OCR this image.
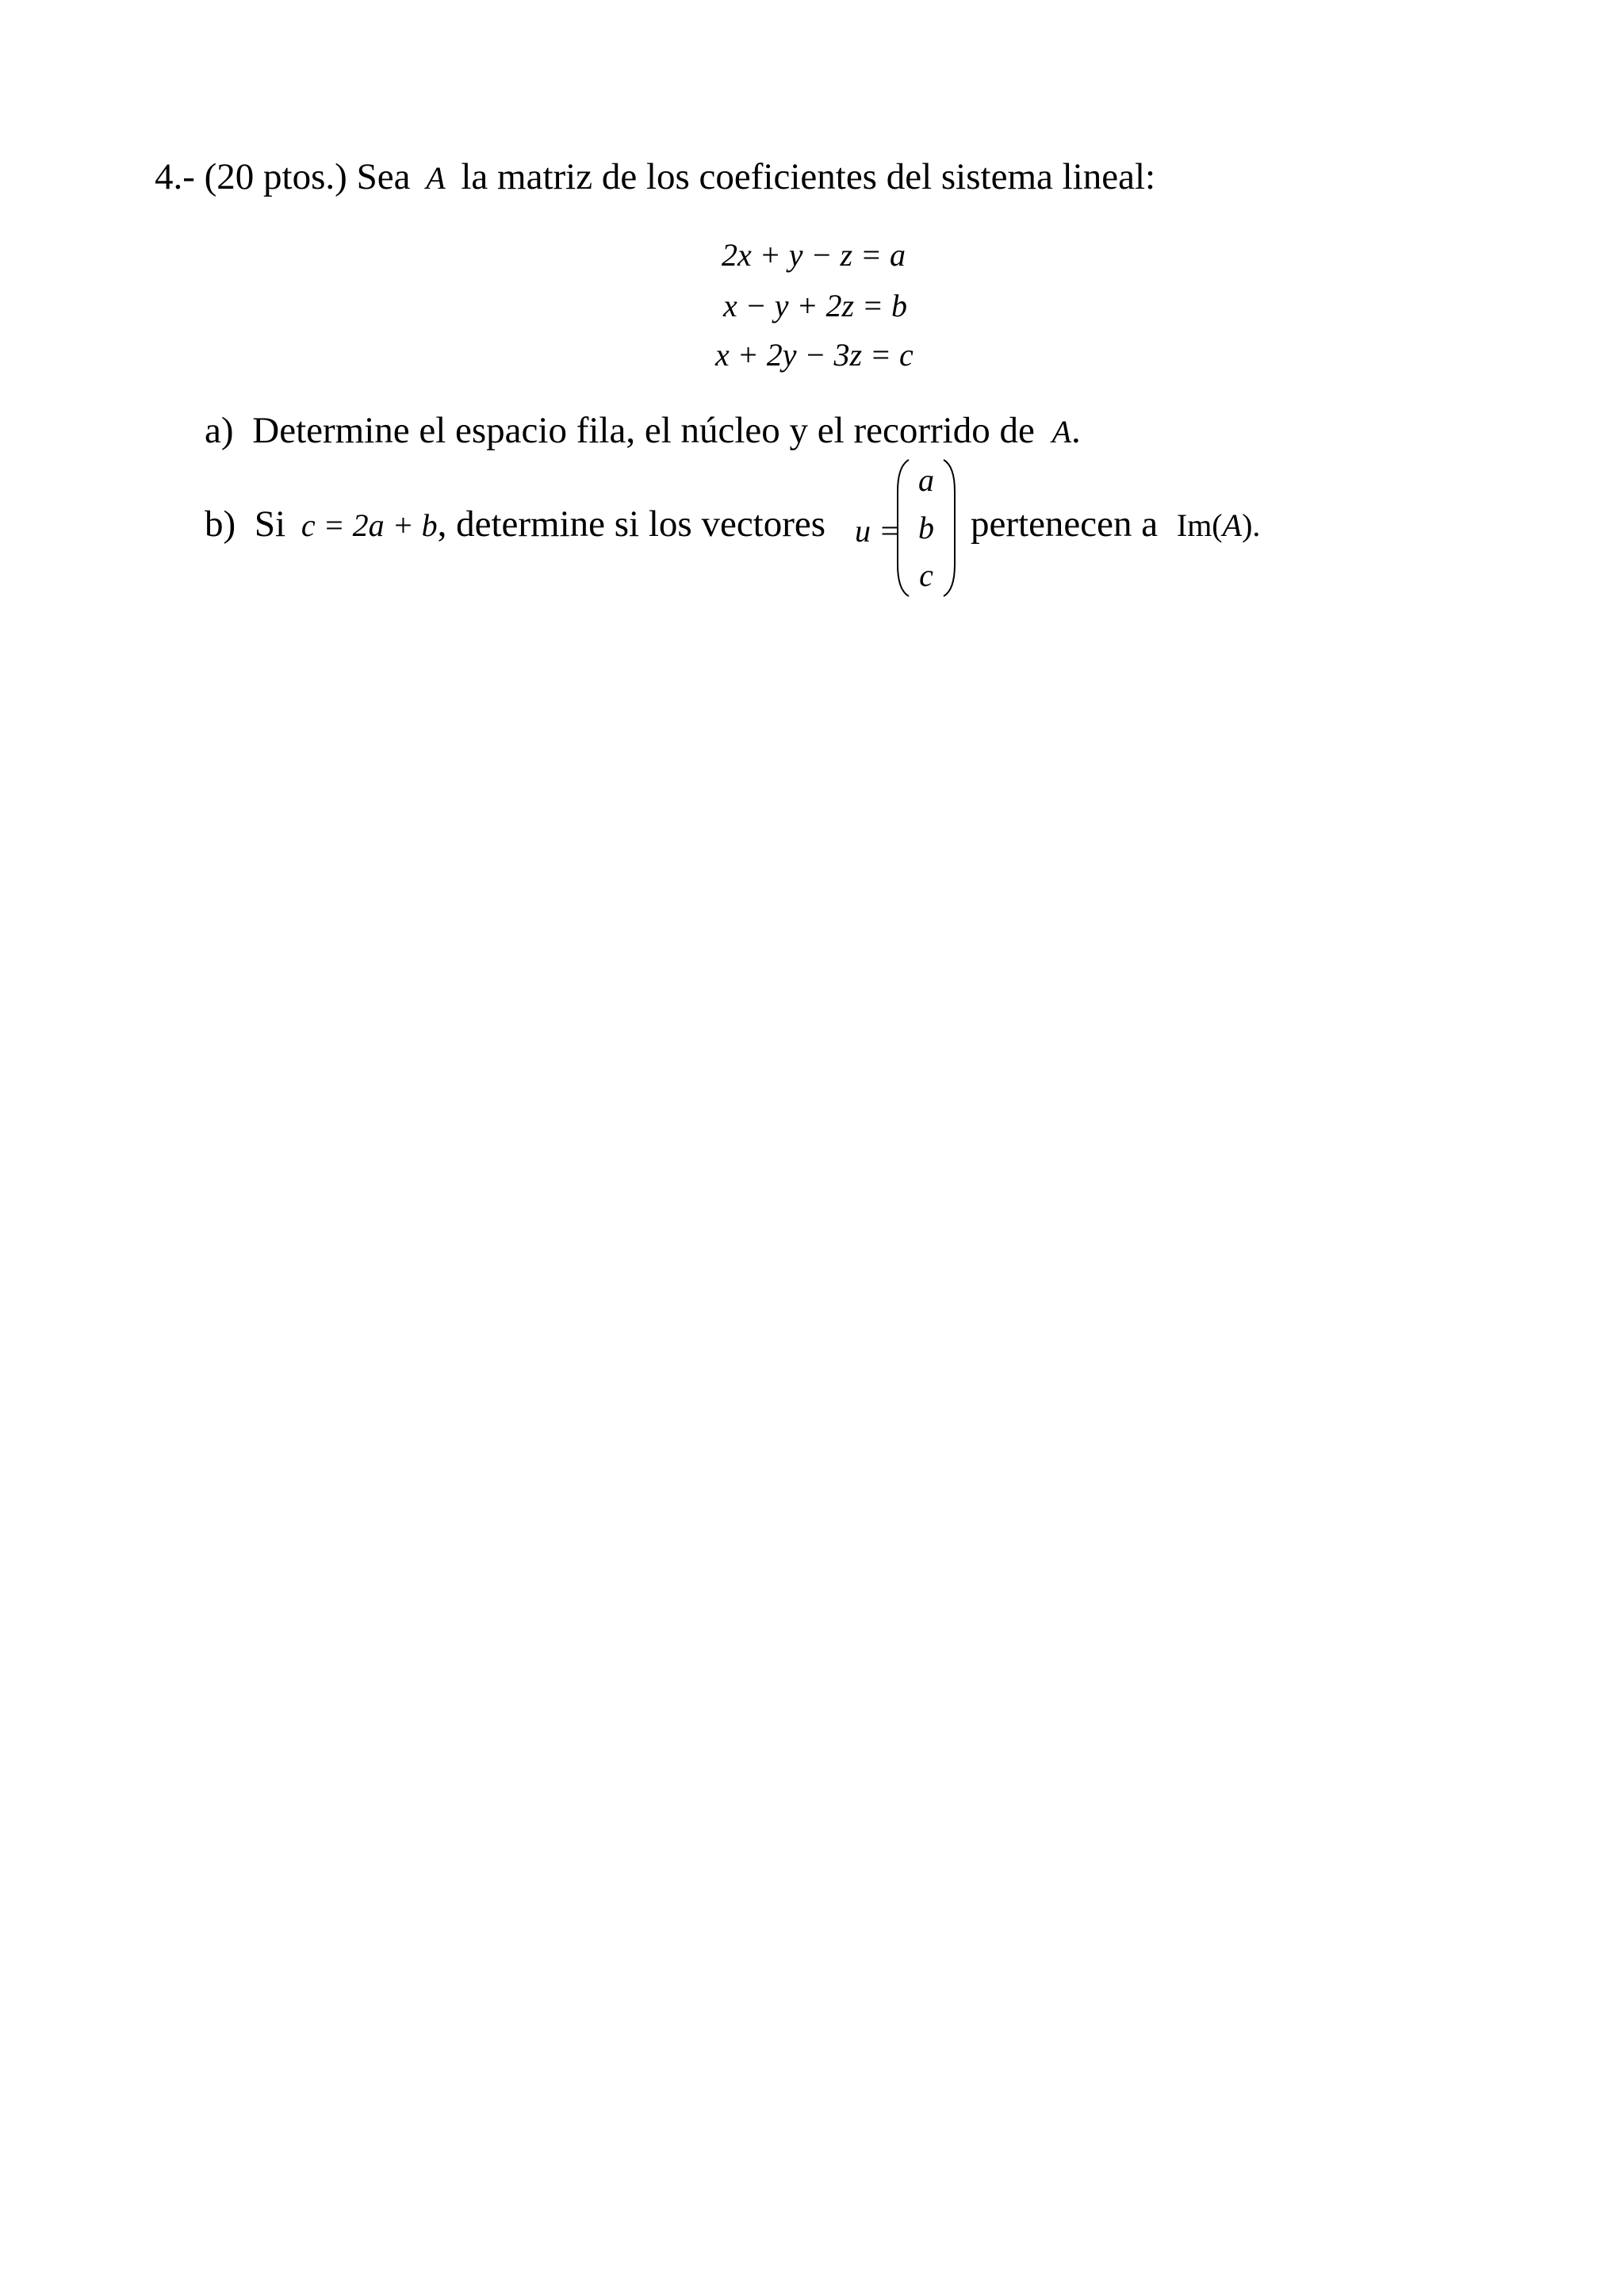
4.- (20 ptos.) Sea A la matriz de los coeficientes del sistema lineal:
2x + y − z = a
x − y + 2z = b
x + 2y − 3z = c
a) Determine el espacio fila, el núcleo y el recorrido de A.
b) Si c = 2a + b, determine si los vectores u =
a
b
c
pertenecen a Im(A).
